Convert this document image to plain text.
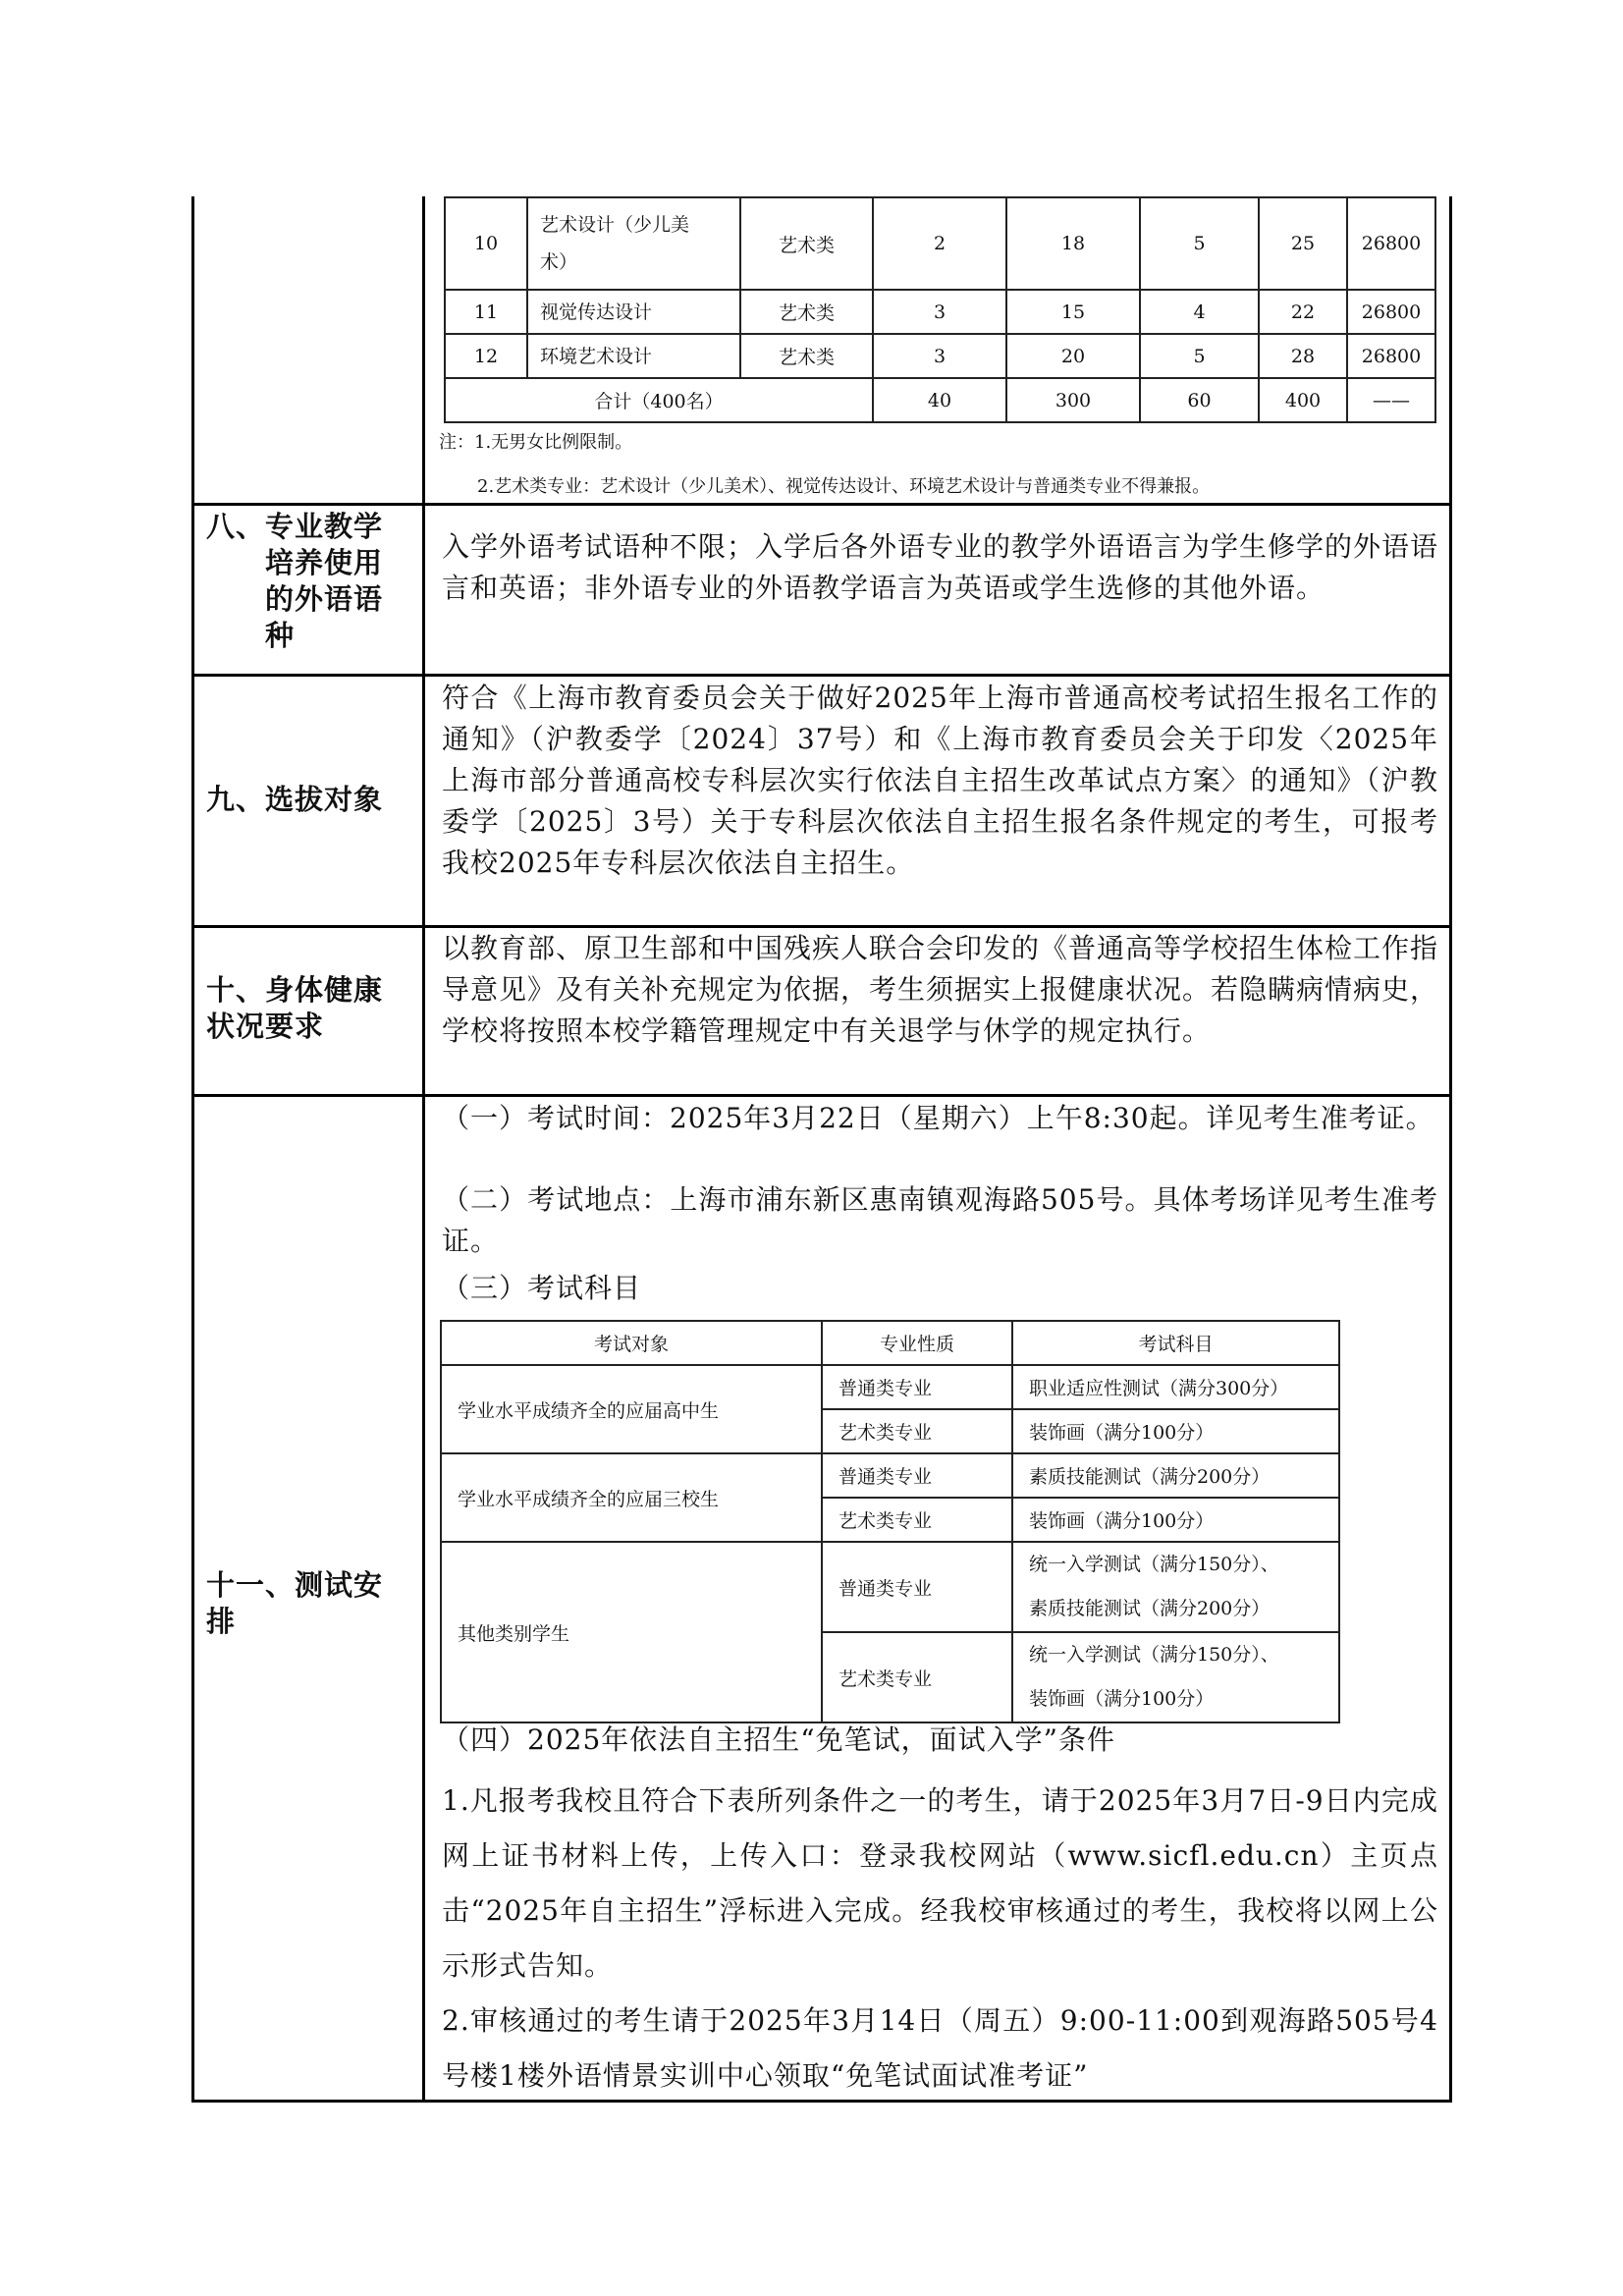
10	艺术设计（少儿美
术）	艺术类	2	18	5	25	26800
11	视觉传达设计	艺术类	3	15	4	22	26800
12	环境艺术设计	艺术类	3	20	5	28	26800
合计（400名）			40	300	60	400	——
注：1.无男女比例限制。
2.艺术类专业：艺术设计（少儿美术）、视觉传达设计、环境艺术设计与普通类专业不得兼报。
八、专业教学
培养使用
的外语语
种
入学外语考试语种不限；入学后各外语专业的教学外语语言为学生修学的外语语言和英语；非外语专业的外语教学语言为英语或学生选修的其他外语。
九、选拔对象
符合《上海市教育委员会关于做好2025年上海市普通高校考试招生报名工作的通知》（沪教委学〔2024〕37号）和《上海市教育委员会关于印发〈2025年上海市部分普通高校专科层次实行依法自主招生改革试点方案〉的通知》（沪教委学〔2025〕3号）关于专科层次依法自主招生报名条件规定的考生，可报考我校2025年专科层次依法自主招生。
十、身体健康
状况要求
以教育部、原卫生部和中国残疾人联合会印发的《普通高等学校招生体检工作指导意见》及有关补充规定为依据，考生须据实上报健康状况。若隐瞒病情病史，学校将按照本校学籍管理规定中有关退学与休学的规定执行。
十一、测试安
排
（一）考试时间：2025年3月22日（星期六）上午8:30起。详见考生准考证。
（二）考试地点：上海市浦东新区惠南镇观海路505号。具体考场详见考生准考证。
（三）考试科目
考试对象	专业性质	考试科目
学业水平成绩齐全的应届高中生	普通类专业	职业适应性测试（满分300分）
	艺术类专业	装饰画（满分100分）
学业水平成绩齐全的应届三校生	普通类专业	素质技能测试（满分200分）
	艺术类专业	装饰画（满分100分）
其他类别学生	普通类专业	统一入学测试（满分150分）、
素质技能测试（满分200分）

	艺术类专业	统一入学测试（满分150分）、
装饰画（满分100分）
（四）2025年依法自主招生“免笔试，面试入学”条件
1.凡报考我校且符合下表所列条件之一的考生，请于2025年3月7日-9日内完成网上证书材料上传，上传入口：登录我校网站（www.sicfl.edu.cn）主页点击“2025年自主招生”浮标进入完成。经我校审核通过的考生，我校将以网上公示形式告知。
2.审核通过的考生请于2025年3月14日（周五）9:00-11:00到观海路505号4号楼1楼外语情景实训中心领取“免笔试面试准考证”
